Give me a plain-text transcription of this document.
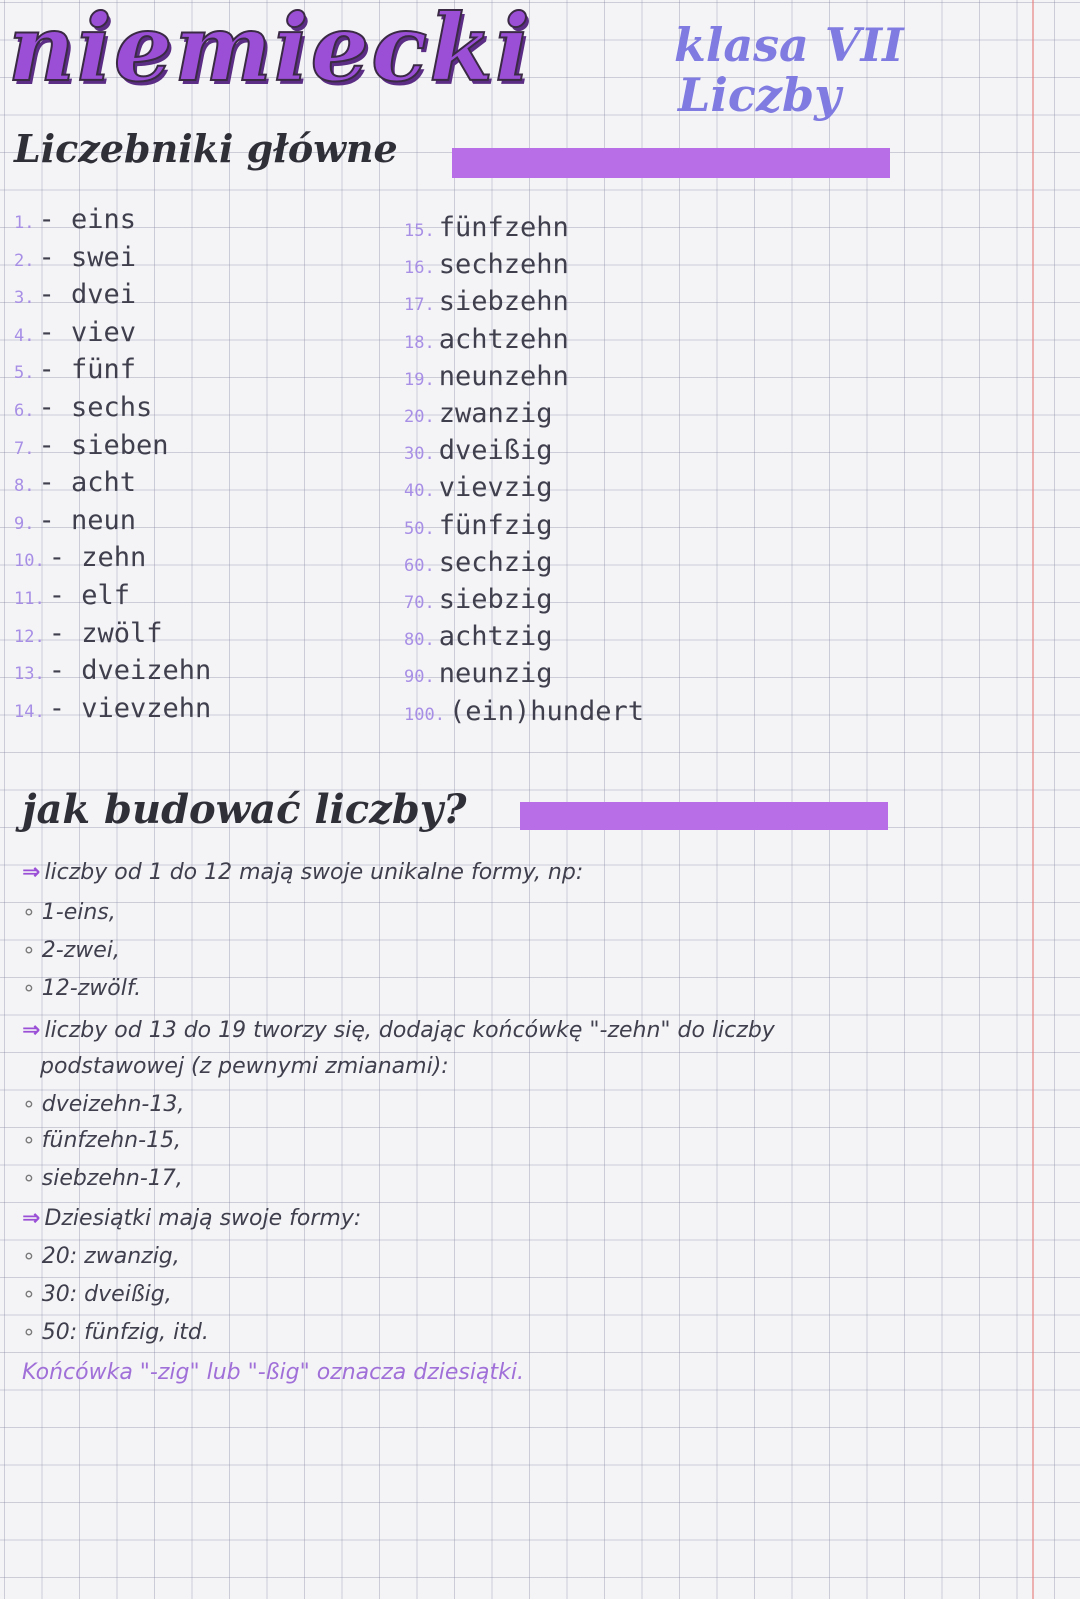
niemiecki	klasa VII
Liczby
Liczebniki główne
1. - eins
2. - swei
3. - dvei
4. - viev
5. - fünf
6. - sechs
7. - sieben
8. - acht
9. - neun
10. - zehn
11. - elf
12. - zwölf
13. - dveizehn
14. - vievzehn
15. fünfzehn
16. sechzehn
17. siebzehn
18. achtzehn
19. neunzehn
20. zwanzig
30. dveißig
40. vievzig
50. fünfzig
60. sechzig
70. siebzig
80. achtzig
90. neunzig
100. (ein)hundert
jak budować liczby?
⇒ liczby od 1 do 12 mają swoje unikalne formy, np:
∘ 1-eins,
∘ 2-zwei,
∘ 12-zwölf.
⇒ liczby od 13 do 19 tworzy się, dodając końcówkę "-zehn" do liczby
podstawowej (z pewnymi zmianami):
∘ dveizehn-13,
∘ fünfzehn-15,
∘ siebzehn-17,
⇒ Dziesiątki mają swoje formy:
∘ 20: zwanzig,
∘ 30: dveißig,
∘ 50: fünfzig, itd.
Końcówka "-zig" lub "-ßig" oznacza dziesiątki.
